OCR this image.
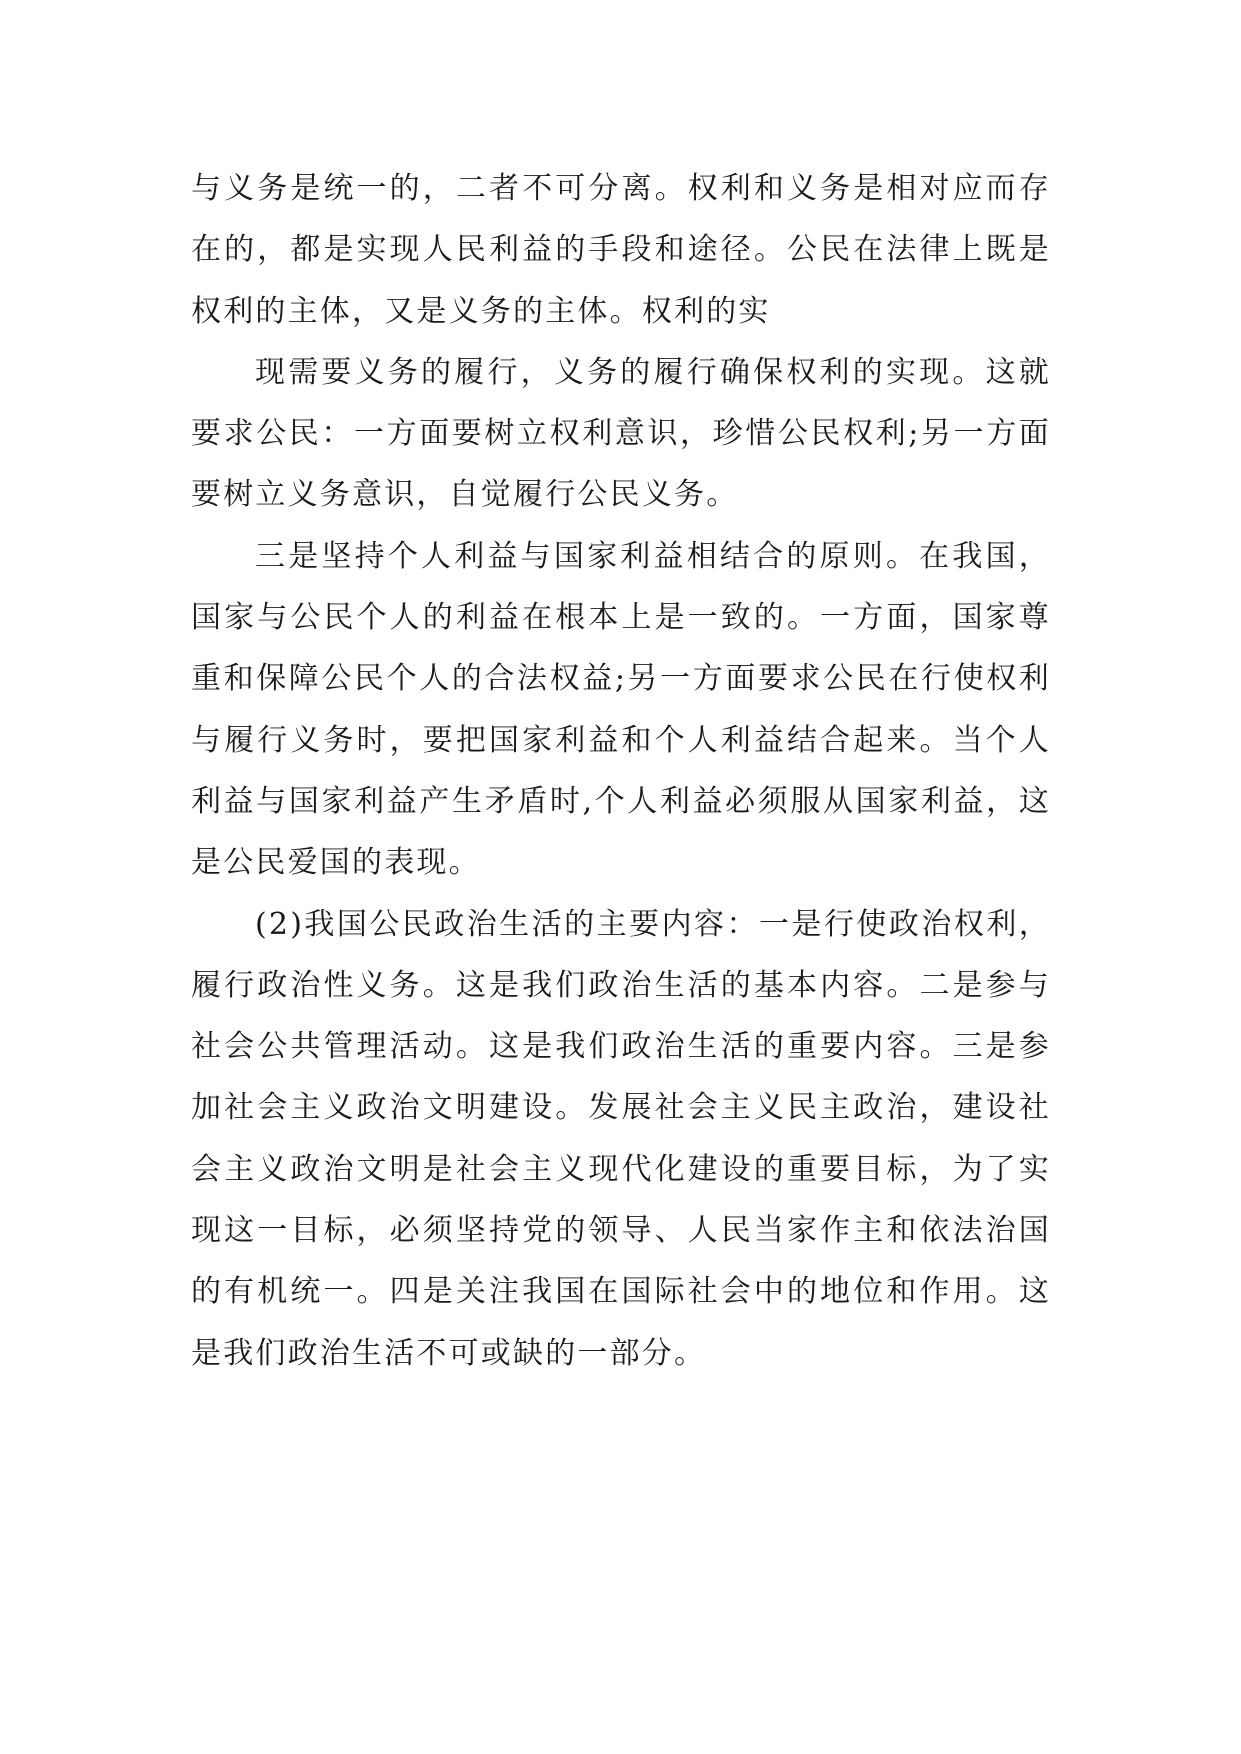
与义务是统一的，二者不可分离。权利和义务是相对应而存在的，都是实现人民利益的手段和途径。公民在法律上既是权利的主体，又是义务的主体。权利的实

现需要义务的履行，义务的履行确保权利的实现。这就要求公民：一方面要树立权利意识，珍惜公民权利;另一方面要树立义务意识，自觉履行公民义务。

三是坚持个人利益与国家利益相结合的原则。在我国，国家与公民个人的利益在根本上是一致的。一方面，国家尊重和保障公民个人的合法权益;另一方面要求公民在行使权利与履行义务时，要把国家利益和个人利益结合起来。当个人利益与国家利益产生矛盾时,个人利益必须服从国家利益，这是公民爱国的表现。

(2)我国公民政治生活的主要内容：一是行使政治权利，履行政治性义务。这是我们政治生活的基本内容。二是参与社会公共管理活动。这是我们政治生活的重要内容。三是参加社会主义政治文明建设。发展社会主义民主政治，建设社会主义政治文明是社会主义现代化建设的重要目标，为了实现这一目标，必须坚持党的领导、人民当家作主和依法治国的有机统一。四是关注我国在国际社会中的地位和作用。这是我们政治生活不可或缺的一部分。
